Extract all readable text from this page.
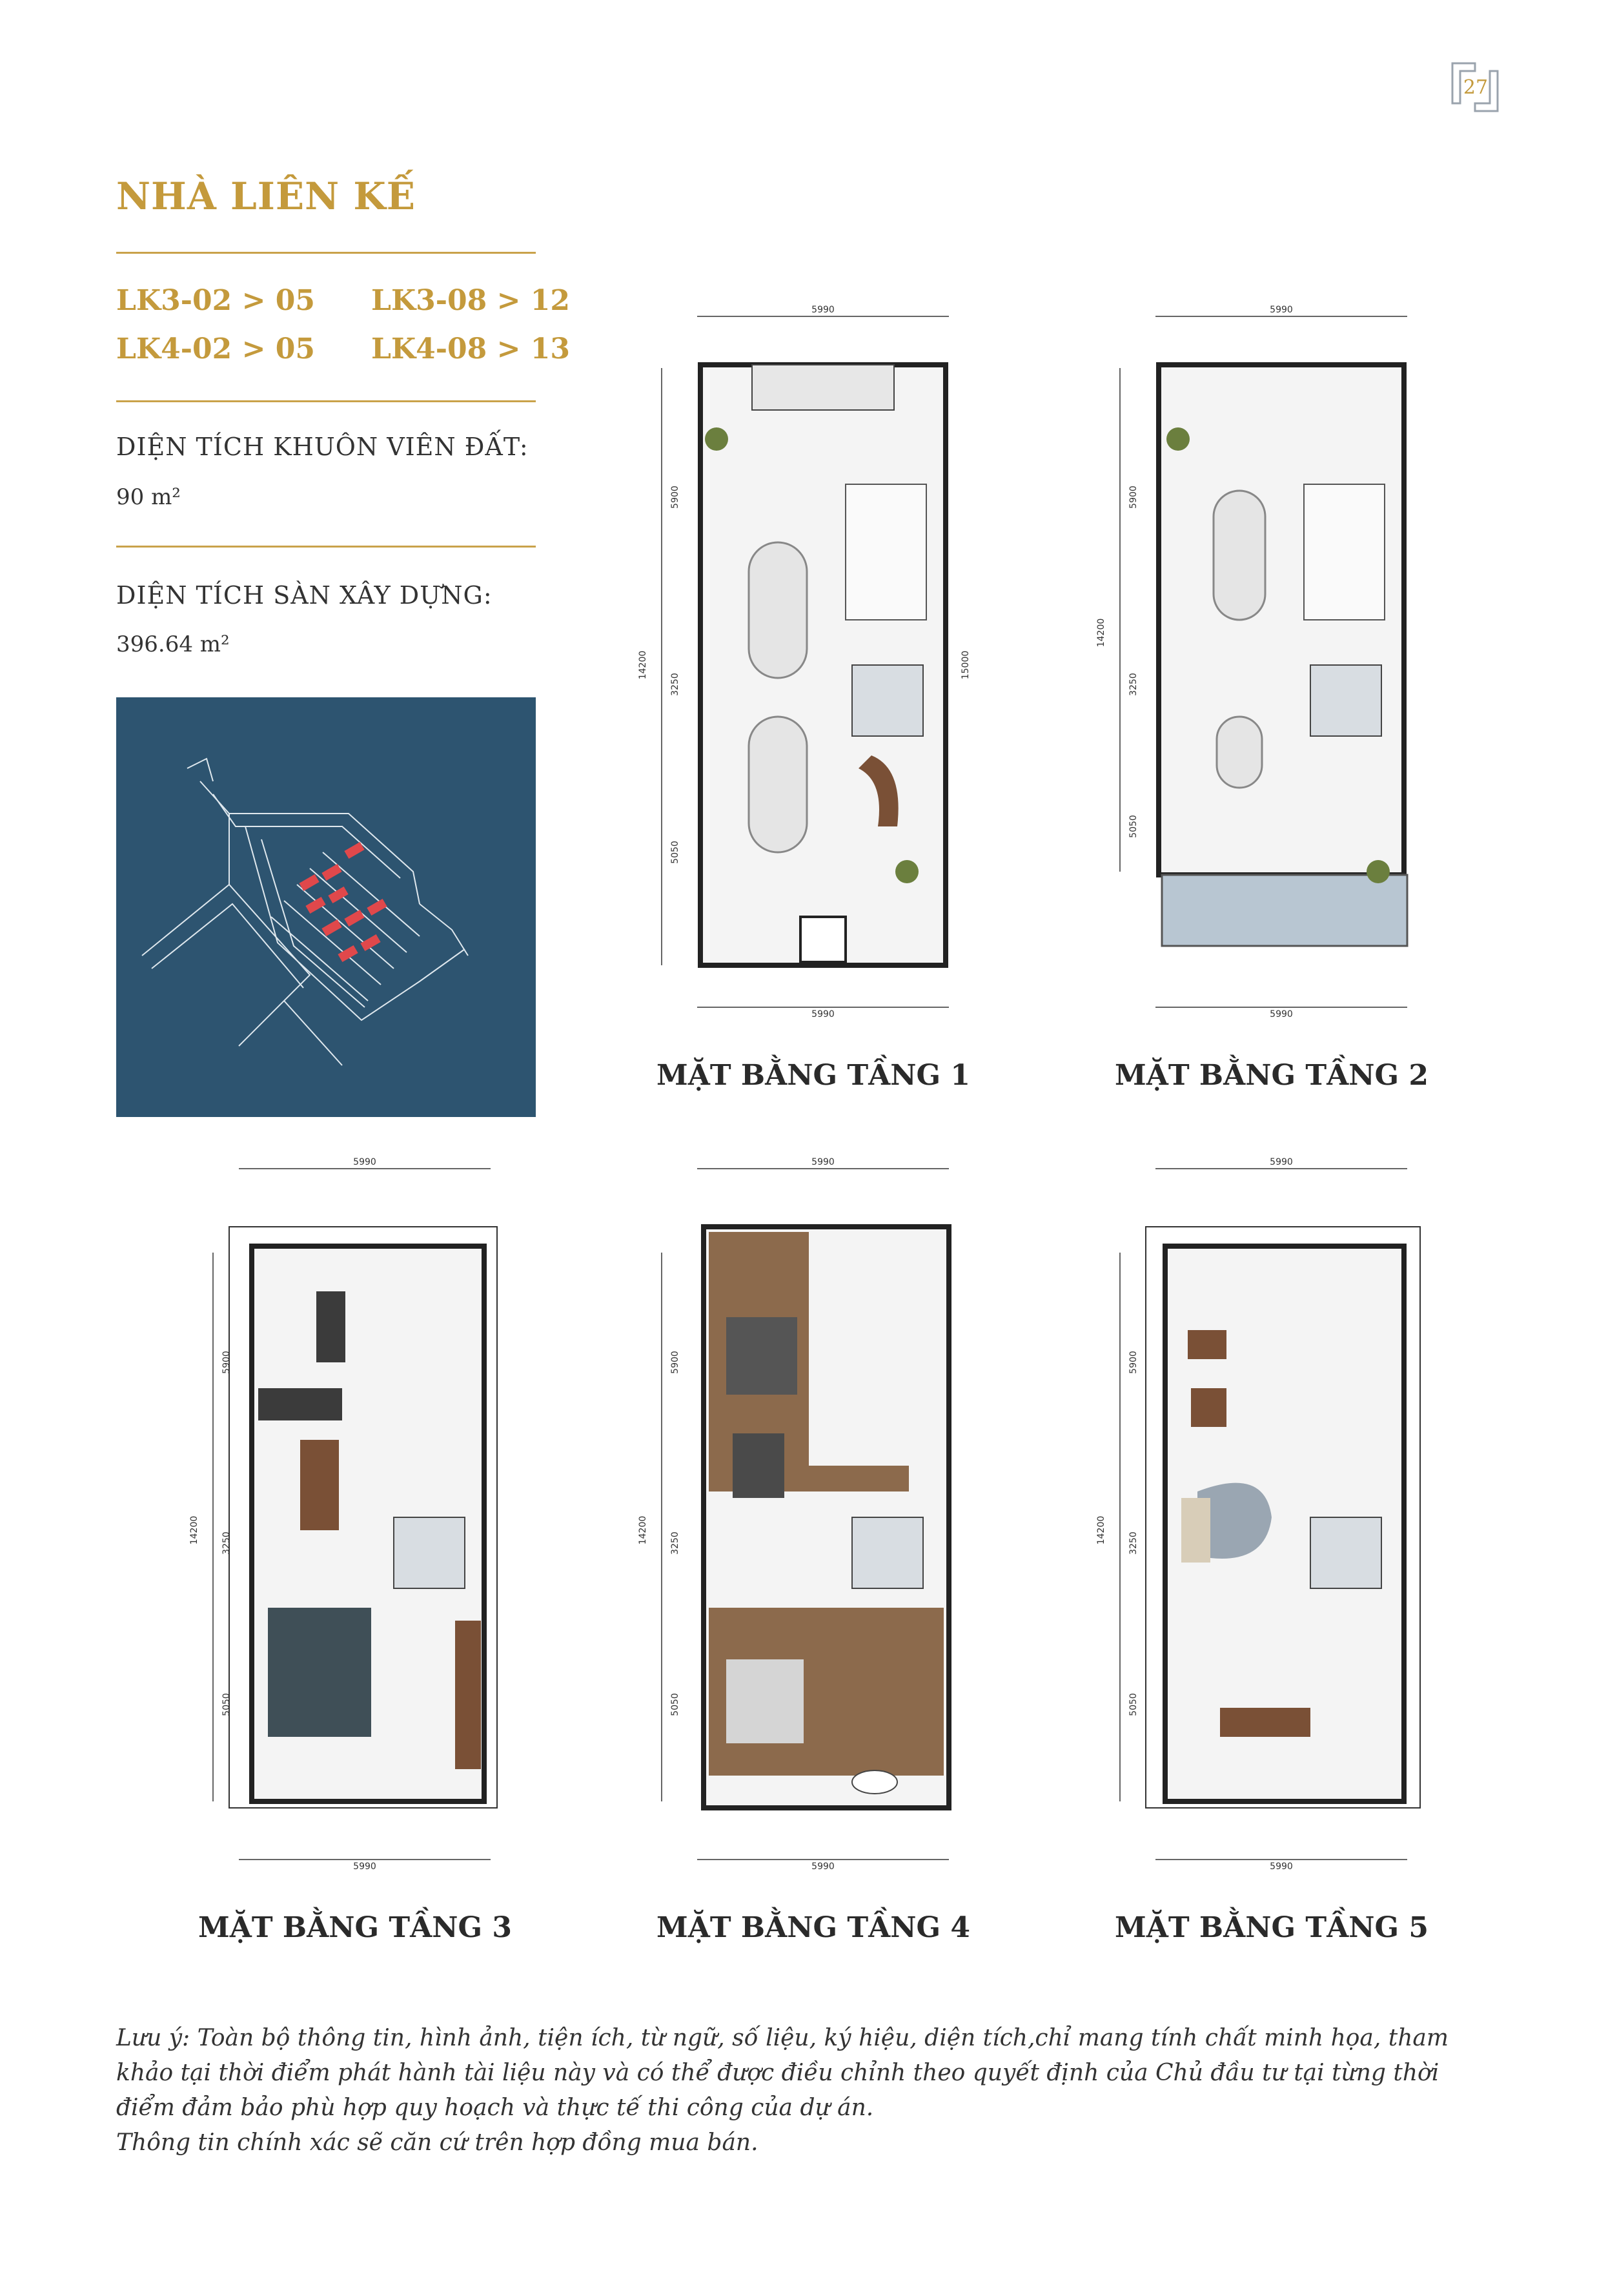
27
NHÀ LIÊN KẾ
LK3-02 > 05 LK3-08 > 12
LK4-02 > 05 LK4-08 > 13
DIỆN TÍCH KHUÔN VIÊN ĐẤT:
90 m²
DIỆN TÍCH SÀN XÂY DỰNG:
396.64 m²
5990
14200
5900
3250
5050
15000
5990
MẶT BẰNG TẦNG 1
5990
14200
5900
3250
5050
5990
MẶT BẰNG TẦNG 2
5990
14200
5900
3250
5050
5990
MẶT BẰNG TẦNG 3
5990
14200
5900
3250
5050
5990
MẶT BẰNG TẦNG 4
5990
14200
5900
3250
5050
5990
MẶT BẰNG TẦNG 5
Lưu ý: Toàn bộ thông tin, hình ảnh, tiện ích, từ ngữ, số liệu, ký hiệu, diện tích,chỉ mang tính chất minh họa, tham khảo tại thời điểm phát hành tài liệu này và có thể được điều chỉnh theo quyết định của Chủ đầu tư tại từng thời điểm đảm bảo phù hợp quy hoạch và thực tế thi công của dự án.
Thông tin chính xác sẽ căn cứ trên hợp đồng mua bán.
